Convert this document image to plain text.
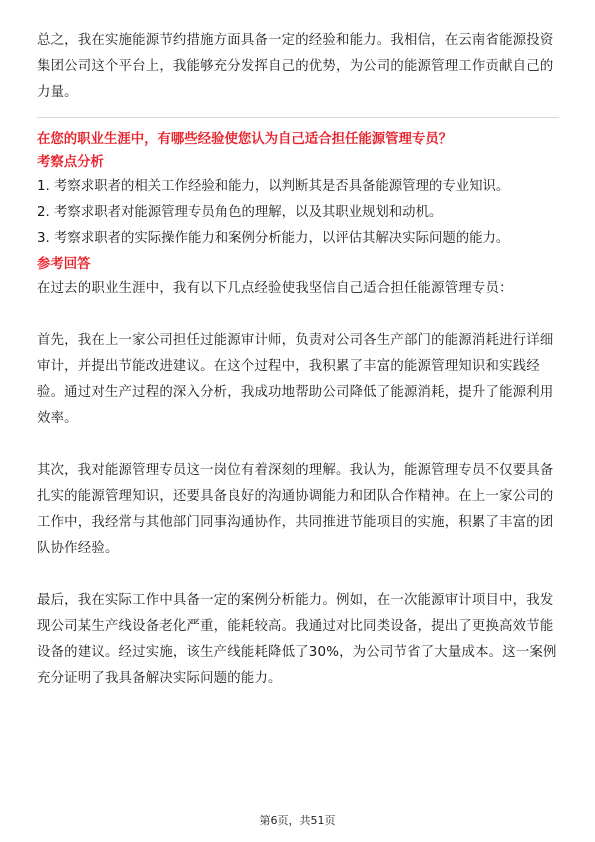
总之，我在实施能源节约措施方面具备一定的经验和能力。我相信，在云南省能源投资集团公司这个平台上，我能够充分发挥自己的优势，为公司的能源管理工作贡献自己的力量。

在您的职业生涯中，有哪些经验使您认为自己适合担任能源管理专员？

考察点分析

1. 考察求职者的相关工作经验和能力，以判断其是否具备能源管理的专业知识。

2. 考察求职者对能源管理专员角色的理解，以及其职业规划和动机。

3. 考察求职者的实际操作能力和案例分析能力，以评估其解决实际问题的能力。

参考回答

在过去的职业生涯中，我有以下几点经验使我坚信自己适合担任能源管理专员：

首先，我在上一家公司担任过能源审计师，负责对公司各生产部门的能源消耗进行详细审计，并提出节能改进建议。在这个过程中，我积累了丰富的能源管理知识和实践经验。通过对生产过程的深入分析，我成功地帮助公司降低了能源消耗，提升了能源利用效率。

其次，我对能源管理专员这一岗位有着深刻的理解。我认为，能源管理专员不仅要具备扎实的能源管理知识，还要具备良好的沟通协调能力和团队合作精神。在上一家公司的工作中，我经常与其他部门同事沟通协作，共同推进节能项目的实施，积累了丰富的团队协作经验。

最后，我在实际工作中具备一定的案例分析能力。例如，在一次能源审计项目中，我发现公司某生产线设备老化严重，能耗较高。我通过对比同类设备，提出了更换高效节能设备的建议。经过实施，该生产线能耗降低了30%，为公司节省了大量成本。这一案例充分证明了我具备解决实际问题的能力。

第6页，共51页
